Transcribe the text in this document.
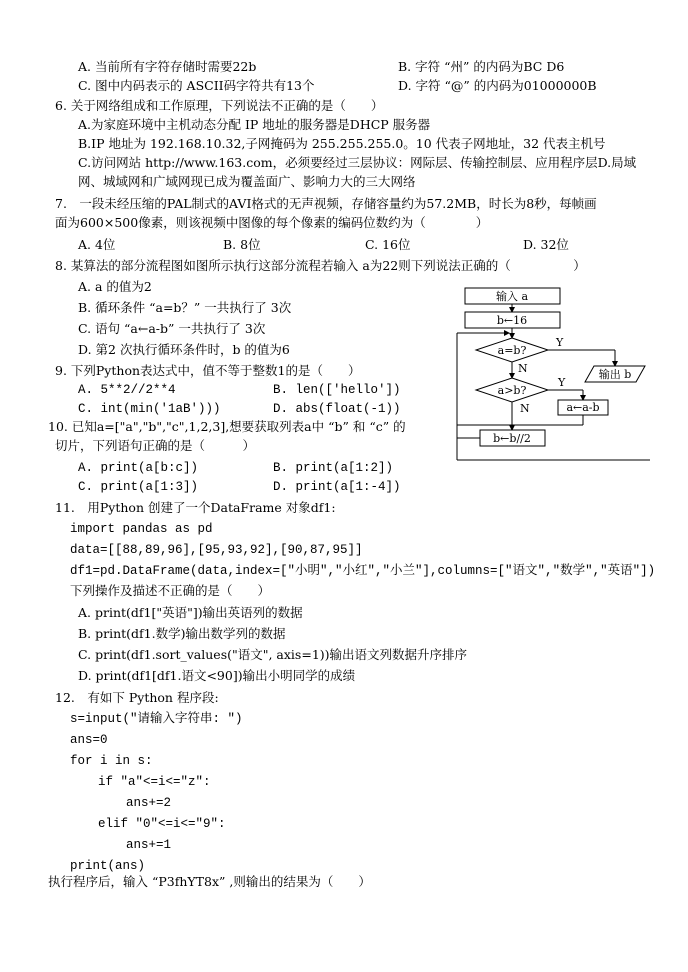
A. 当前所有字符存储时需要22b	B. 字符 “州” 的内码为BC D6
C. 图中内码表示的 ASCII码字符共有13个	D. 字符 “@” 的内码为01000000B
6. 关于网络组成和工作原理，下列说法不正确的是（　　）
A.为家庭环境中主机动态分配 IP 地址的服务器是DHCP 服务器
B.IP 地址为 192.168.10.32,子网掩码为 255.255.255.0。10 代表子网地址，32 代表主机号
C.访问网站 http://www.163.com，必须要经过三层协议：网际层、传输控制层、应用程序层D.局域
网、城域网和广域网现已成为覆盖面广、影响力大的三大网络
7.　一段未经压缩的PAL制式的AVI格式的无声视频，存储容量约为57.2MB，时长为8秒，每帧画
面为600×500像素，则该视频中图像的每个像素的编码位数约为（　　　　）
A. 4位	B. 8位	C. 16位	D. 32位
8. 某算法的部分流程图如图所示执行这部分流程若输入 a为22则下列说法正确的（　　　　　）
A. a 的值为2
B. 循环条件 “a=b？” 一共执行了 3次
C. 语句 “a←a-b” 一共执行了 3次
D. 第2 次执行循环条件时，b 的值为6
9. 下列Python表达式中，值不等于整数1的是（　　）
A. 5**2//2**4	B. len(['hello'])
C. int(min('1aB')))	D. abs(float(-1))
10. 已知a=["a","b","c",1,2,3],想要获取列表a中 “b” 和 “c” 的
切片，下列语句正确的是（　　　）
A. print(a[b:c])	B. print(a[1:2])
C. print(a[1:3])	D. print(a[1:-4])
输入 a
b←16
a=b?
Y
输出 b
N
a>b?
Y
a←a-b
N
b←b//2
11.　用Python 创建了一个DataFrame 对象df1:
import pandas as pd
data=[[88,89,96],[95,93,92],[90,87,95]]
df1=pd.DataFrame(data,index=["小明","小红","小兰"],columns=["语文","数学","英语"])
下列操作及描述不正确的是（　　）
A. print(df1["英语"])输出英语列的数据
B. print(df1.数学)输出数学列的数据
C. print(df1.sort_values("语文", axis=1))输出语文列数据升序排序
D. print(df1[df1.语文<90])输出小明同学的成绩
12.　有如下 Python 程序段:
s=input("请输入字符串: ")
ans=0
for i in s:
if "a"<=i<="z":
ans+=2
elif "0"<=i<="9":
ans+=1
print(ans)
执行程序后，输入 “P3fhYT8x” ,则输出的结果为（　　）
